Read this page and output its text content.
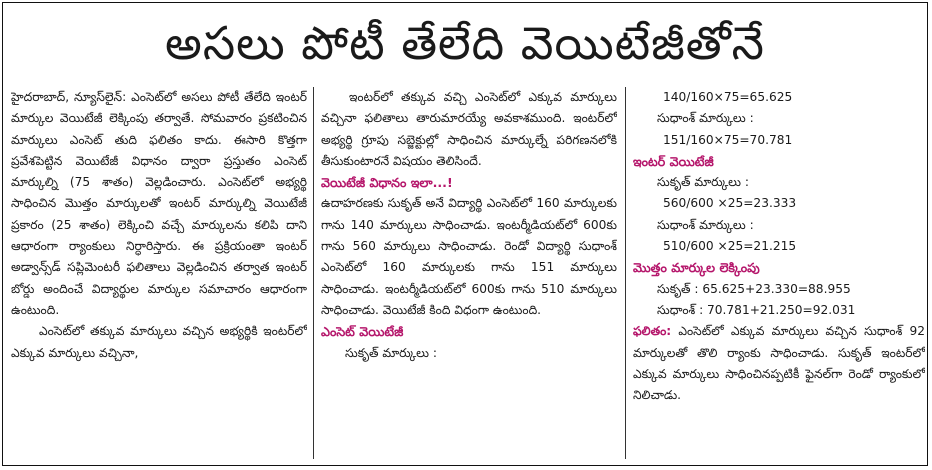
అసలు పోటీ తేలేది వెయిటేజీతోనే

హైదరాబాద్, న్యూస్‌లైన్: ఎంసెట్‌లో అసలు పోటీ తేలేది ఇంటర్ మార్కుల వెయిటేజీ లెక్కింపు తర్వాతే. సోమవారం ప్రకటించిన మార్కులు ఎంసెట్ తుది ఫలితం కాదు. ఈసారి కొత్తగా ప్రవేశపెట్టిన వెయిటేజీ విధానం ద్వారా ప్రస్తుతం ఎంసెట్ మార్కుల్ని (75 శాతం) వెల్లడించారు. ఎంసెట్‌లో అభ్యర్థి సాధించిన మొత్తం మార్కులతో ఇంటర్ మార్కుల్ని వెయిటేజీ ప్రకారం (25 శాతం) లెక్కించి వచ్చే మార్కులను కలిపి దాని ఆధారంగా ర్యాంకులు నిర్ధారిస్తారు. ఈ ప్రక్రియంతా ఇంటర్ అడ్వాన్స్‌డ్ సప్లిమెంటరీ ఫలితాలు వెల్లడించిన తర్వాత ఇంటర్ బోర్డు అందించే విద్యార్థుల మార్కుల సమాచారం ఆధారంగా ఉంటుంది.

ఎంసెట్‌లో తక్కువ మార్కులు వచ్చిన అభ్యర్థికి ఇంటర్‌లో ఎక్కువ మార్కులు వచ్చినా,

ఇంటర్‌లో తక్కువ వచ్చి ఎంసెట్‌లో ఎక్కువ మార్కులు వచ్చినా ఫలితాలు తారుమారయ్యే అవకాశముంది. ఇంటర్‌లో అభ్యర్థి గ్రూపు సబ్జెక్టుల్లో సాధించిన మార్కుల్నే పరిగణనలోకి తీసుకుంటారనే విషయం తెలిసిందే.

వెయిటేజీ విధానం ఇలా...!

ఉదాహరణకు సుకృత్ అనే విద్యార్థి ఎంసెట్‌లో 160 మార్కులకు గాను 140 మార్కులు సాధించాడు. ఇంటర్మీడియట్‌లో 600కు గాను 560 మార్కులు సాధించాడు. రెండో విద్యార్థి సుధాంశ్ ఎంసెట్‌లో 160 మార్కులకు గాను 151 మార్కులు సాధించాడు. ఇంటర్మీడియట్‌లో 600కు గాను 510 మార్కులు సాధించాడు. వెయిటేజీ కింది విధంగా ఉంటుంది.

ఎంసెట్ వెయిటేజీ

సుకృత్ మార్కులు :

140/160×75=65.625

సుధాంశ్ మార్కులు :

151/160×75=70.781

ఇంటర్ వెయిటేజీ

సుకృత్ మార్కులు :

560/600 ×25=23.333

సుధాంశ్ మార్కులు :

510/600 ×25=21.215

మొత్తం మార్కుల లెక్కింపు

సుకృత్ : 65.625+23.330=88.955

సుధాంశ్ : 70.781+21.250=92.031

ఫలితం: ఎంసెట్‌లో ఎక్కువ మార్కులు వచ్చిన సుధాంశ్ 92 మార్కులతో తొలి ర్యాంకు సాధించాడు. సుకృత్ ఇంటర్‌లో ఎక్కువ మార్కులు సాధించినప్పటికీ ఫైనల్‌గా రెండో ర్యాంకులో నిలిచాడు.
